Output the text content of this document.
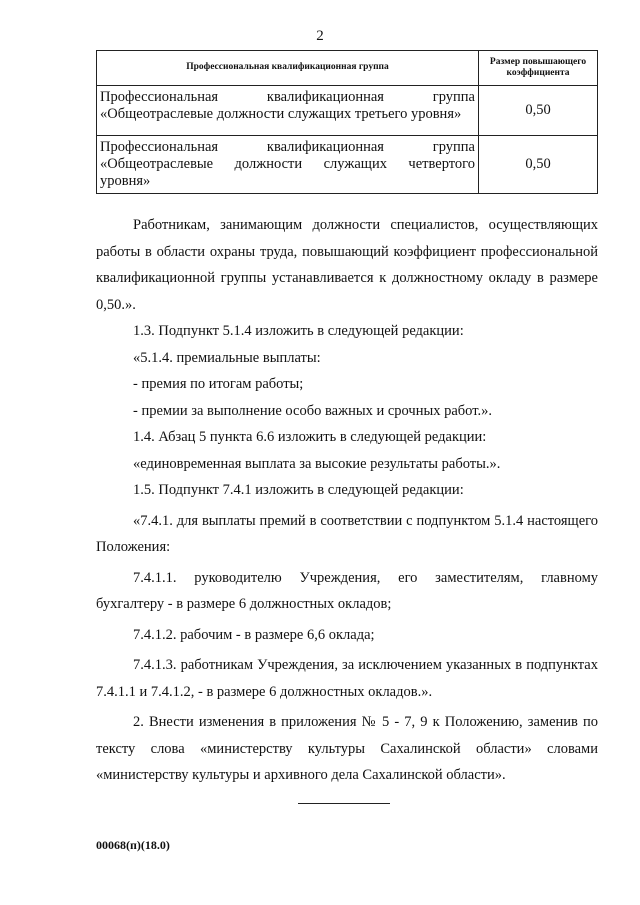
2
Профессиональная квалификационная группа	Размер повышающего коэффициента
Профессиональная квалификационная группа «Общеотраслевые должности служащих третьего уровня»	0,50
Профессиональная квалификационная группа «Общеотраслевые должности служащих четвертого уровня»	0,50

Работникам, занимающим должности специалистов, осуществляющих работы в области охраны труда, повышающий коэффициент профессиональной квалификационной группы устанавливается к должностному окладу в размере 0,50.».

1.3. Подпункт 5.1.4 изложить в следующей редакции:

«5.1.4. премиальные выплаты:

- премия по итогам работы;

- премии за выполнение особо важных и срочных работ.».

1.4. Абзац 5 пункта 6.6 изложить в следующей редакции:

«единовременная выплата за высокие результаты работы.».

1.5. Подпункт 7.4.1 изложить в следующей редакции:

«7.4.1. для выплаты премий в соответствии с подпунктом 5.1.4 настоящего Положения:

7.4.1.1. руководителю Учреждения, его заместителям, главному бухгалтеру - в размере 6 должностных окладов;

7.4.1.2. рабочим - в размере 6,6 оклада;

7.4.1.3. работникам Учреждения, за исключением указанных в подпунктах 7.4.1.1 и 7.4.1.2, - в размере 6 должностных окладов.».

2. Внести изменения в приложения № 5 - 7, 9 к Положению, заменив по тексту слова «министерству культуры Сахалинской области» словами «министерству культуры и архивного дела Сахалинской области».

00068(п)(18.0)
